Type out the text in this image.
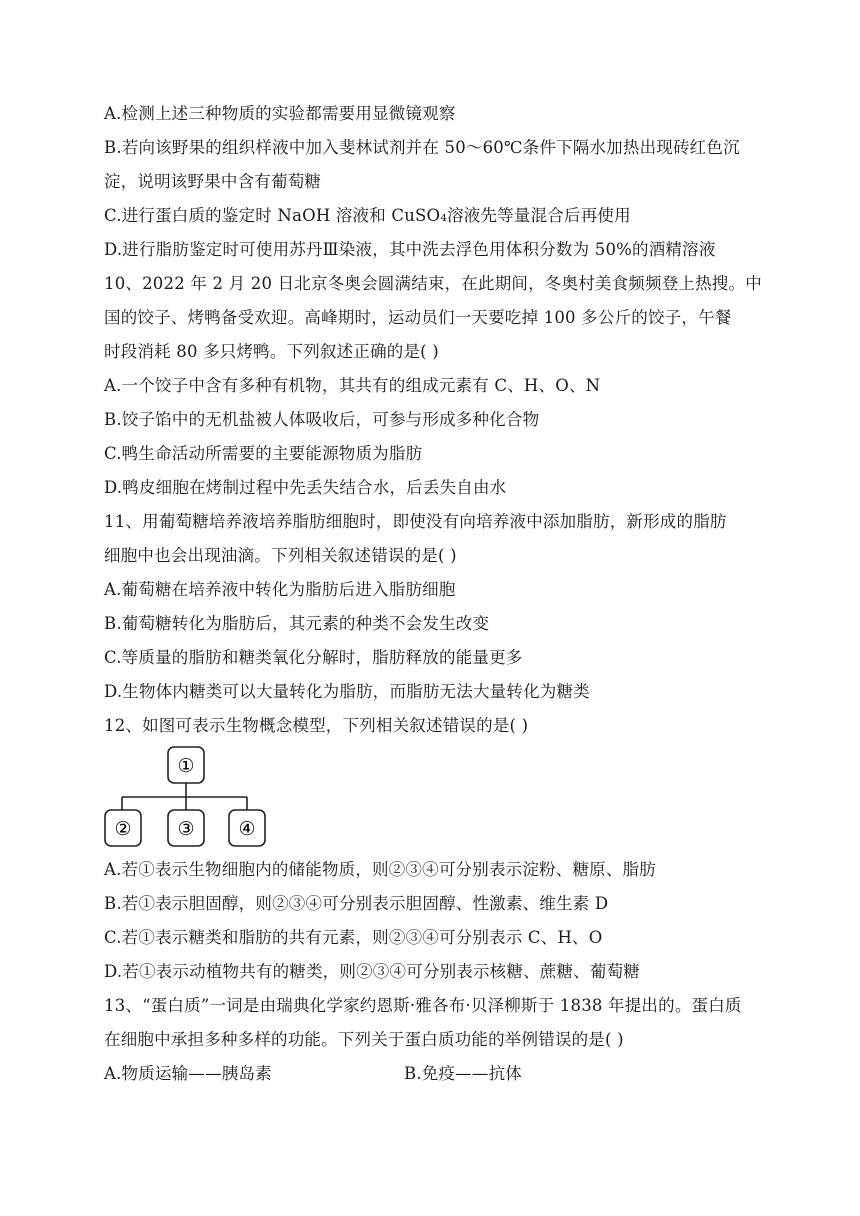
A.检测上述三种物质的实验都需要用显微镜观察
B.若向该野果的组织样液中加入斐林试剂并在 50～60℃条件下隔水加热出现砖红色沉
淀，说明该野果中含有葡萄糖
C.进行蛋白质的鉴定时 NaOH 溶液和 CuSO₄溶液先等量混合后再使用
D.进行脂肪鉴定时可使用苏丹Ⅲ染液，其中洗去浮色用体积分数为 50%的酒精溶液
10、2022 年 2 月 20 日北京冬奥会圆满结束，在此期间，冬奥村美食频频登上热搜。中
国的饺子、烤鸭备受欢迎。高峰期时，运动员们一天要吃掉 100 多公斤的饺子，午餐
时段消耗 80 多只烤鸭。下列叙述正确的是( )
A.一个饺子中含有多种有机物，其共有的组成元素有 C、H、O、N
B.饺子馅中的无机盐被人体吸收后，可参与形成多种化合物
C.鸭生命活动所需要的主要能源物质为脂肪
D.鸭皮细胞在烤制过程中先丢失结合水，后丢失自由水
11、用葡萄糖培养液培养脂肪细胞时，即使没有向培养液中添加脂肪，新形成的脂肪
细胞中也会出现油滴。下列相关叙述错误的是( )
A.葡萄糖在培养液中转化为脂肪后进入脂肪细胞
B.葡萄糖转化为脂肪后，其元素的种类不会发生改变
C.等质量的脂肪和糖类氧化分解时，脂肪释放的能量更多
D.生物体内糖类可以大量转化为脂肪，而脂肪无法大量转化为糖类
12、如图可表示生物概念模型，下列相关叙述错误的是( )
①
② ③ ④
A.若①表示生物细胞内的储能物质，则②③④可分别表示淀粉、糖原、脂肪
B.若①表示胆固醇，则②③④可分别表示胆固醇、性激素、维生素 D
C.若①表示糖类和脂肪的共有元素，则②③④可分别表示 C、H、O
D.若①表示动植物共有的糖类，则②③④可分别表示核糖、蔗糖、葡萄糖
13、“蛋白质”一词是由瑞典化学家约恩斯·雅各布·贝泽柳斯于 1838 年提出的。蛋白质
在细胞中承担多种多样的功能。下列关于蛋白质功能的举例错误的是( )
A.物质运输——胰岛素	B.免疫——抗体
